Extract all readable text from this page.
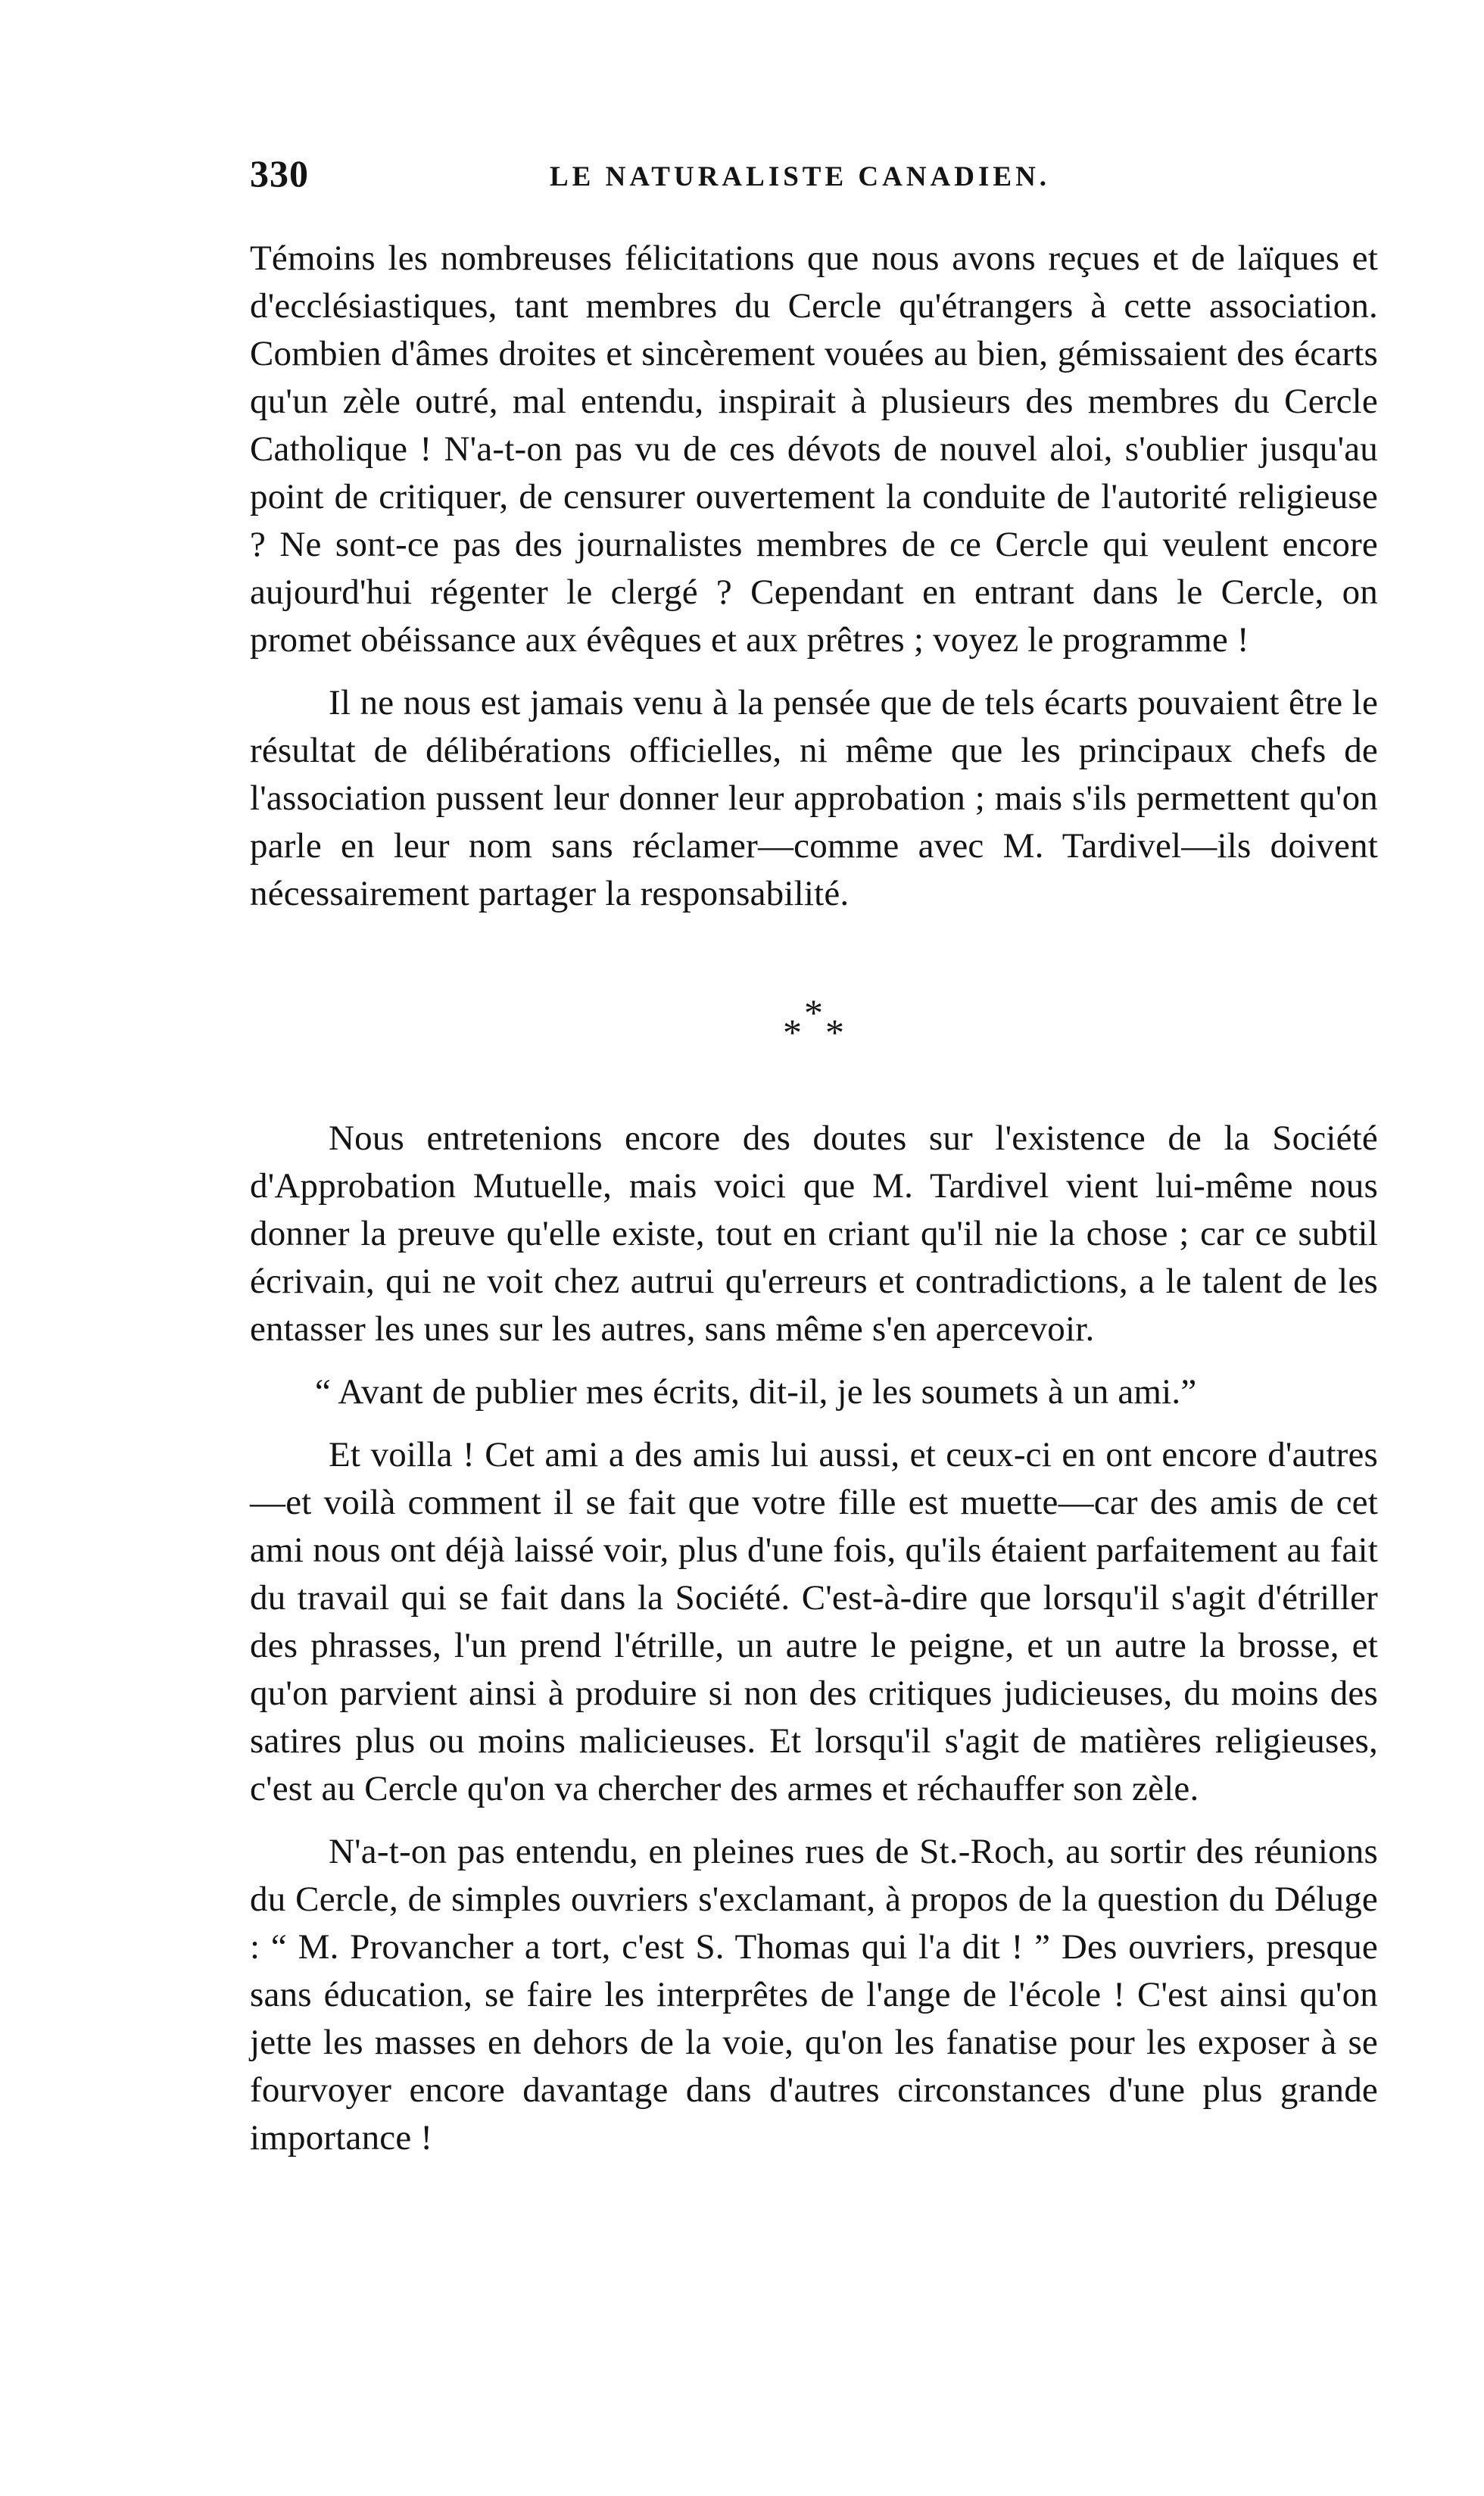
330	LE NATURALISTE CANADIEN.

Témoins les nombreuses félicitations que nous avons reçues et de laïques et d'ecclésiastiques, tant membres du Cercle qu'étrangers à cette association. Combien d'âmes droites et sincèrement vouées au bien, gémissaient des écarts qu'un zèle outré, mal entendu, inspirait à plusieurs des membres du Cercle Catholique ! N'a-t-on pas vu de ces dévots de nouvel aloi, s'oublier jusqu'au point de critiquer, de censurer ouvertement la conduite de l'autorité religieuse ? Ne sont-ce pas des journalistes membres de ce Cercle qui veulent encore aujourd'hui régenter le clergé ? Cependant en entrant dans le Cercle, on promet obéissance aux évêques et aux prêtres ; voyez le programme !

Il ne nous est jamais venu à la pensée que de tels écarts pouvaient être le résultat de délibérations officielles, ni même que les principaux chefs de l'association pussent leur donner leur approbation ; mais s'ils permettent qu'on parle en leur nom sans réclamer—comme avec M. Tardivel—ils doivent nécessairement partager la responsabilité.

* * *

Nous entretenions encore des doutes sur l'existence de la Société d'Approbation Mutuelle, mais voici que M. Tardivel vient lui-même nous donner la preuve qu'elle existe, tout en criant qu'il nie la chose ; car ce subtil écrivain, qui ne voit chez autrui qu'erreurs et contradictions, a le talent de les entasser les unes sur les autres, sans même s'en apercevoir.

“ Avant de publier mes écrits, dit-il, je les soumets à un ami.”

Et voilla ! Cet ami a des amis lui aussi, et ceux-ci en ont encore d'autres—et voilà comment il se fait que votre fille est muette—car des amis de cet ami nous ont déjà laissé voir, plus d'une fois, qu'ils étaient parfaitement au fait du travail qui se fait dans la Société. C'est-à-dire que lorsqu'il s'agit d'étriller des phrasses, l'un prend l'étrille, un autre le peigne, et un autre la brosse, et qu'on parvient ainsi à produire si non des critiques judicieuses, du moins des satires plus ou moins malicieuses. Et lorsqu'il s'agit de matières religieuses, c'est au Cercle qu'on va chercher des armes et réchauffer son zèle.

N'a-t-on pas entendu, en pleines rues de St.-Roch, au sortir des réunions du Cercle, de simples ouvriers s'exclamant, à propos de la question du Déluge : “ M. Provancher a tort, c'est S. Thomas qui l'a dit ! ” Des ouvriers, presque sans éducation, se faire les interprêtes de l'ange de l'école ! C'est ainsi qu'on jette les masses en dehors de la voie, qu'on les fanatise pour les exposer à se fourvoyer encore davantage dans d'autres circonstances d'une plus grande importance !
